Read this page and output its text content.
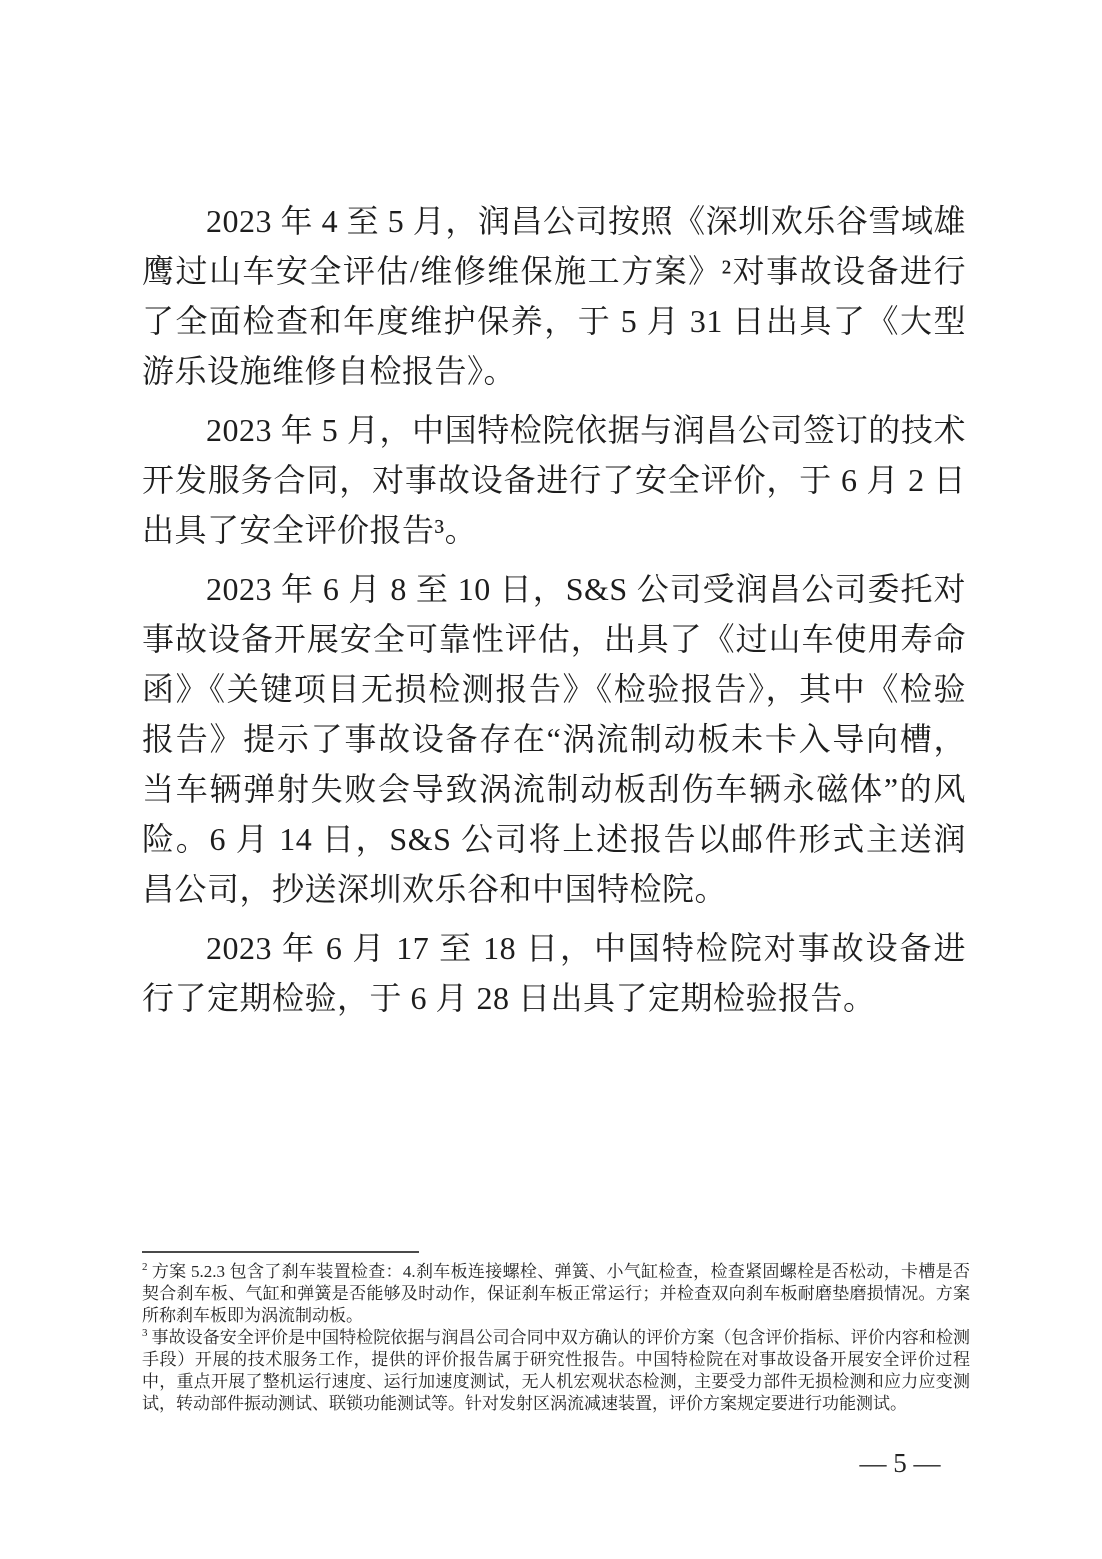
2023 年 4 至 5 月，润昌公司按照《深圳欢乐谷雪域雄鹰过山车安全评估/维修维保施工方案》²对事故设备进行了全面检查和年度维护保养，于 5 月 31 日出具了《大型游乐设施维修自检报告》。

2023 年 5 月，中国特检院依据与润昌公司签订的技术开发服务合同，对事故设备进行了安全评价，于 6 月 2 日出具了安全评价报告³。

2023 年 6 月 8 至 10 日，S&S 公司受润昌公司委托对事故设备开展安全可靠性评估，出具了《过山车使用寿命函》《关键项目无损检测报告》《检验报告》，其中《检验报告》提示了事故设备存在“涡流制动板未卡入导向槽，当车辆弹射失败会导致涡流制动板刮伤车辆永磁体”的风险。6 月 14 日，S&S 公司将上述报告以邮件形式主送润昌公司，抄送深圳欢乐谷和中国特检院。

2023 年 6 月 17 至 18 日，中国特检院对事故设备进行了定期检验，于 6 月 28 日出具了定期检验报告。

$^2$ 方案 5.2.3 包含了刹车装置检查：4.刹车板连接螺栓、弹簧、小气缸检查，检查紧固螺栓是否松动，卡槽是否契合刹车板、气缸和弹簧是否能够及时动作，保证刹车板正常运行；并检查双向刹车板耐磨垫磨损情况。方案所称刹车板即为涡流制动板。

$^3$ 事故设备安全评价是中国特检院依据与润昌公司合同中双方确认的评价方案（包含评价指标、评价内容和检测手段）开展的技术服务工作，提供的评价报告属于研究性报告。中国特检院在对事故设备开展安全评价过程中，重点开展了整机运行速度、运行加速度测试，无人机宏观状态检测，主要受力部件无损检测和应力应变测试，转动部件振动测试、联锁功能测试等。针对发射区涡流减速装置，评价方案规定要进行功能测试。

— 5 —
